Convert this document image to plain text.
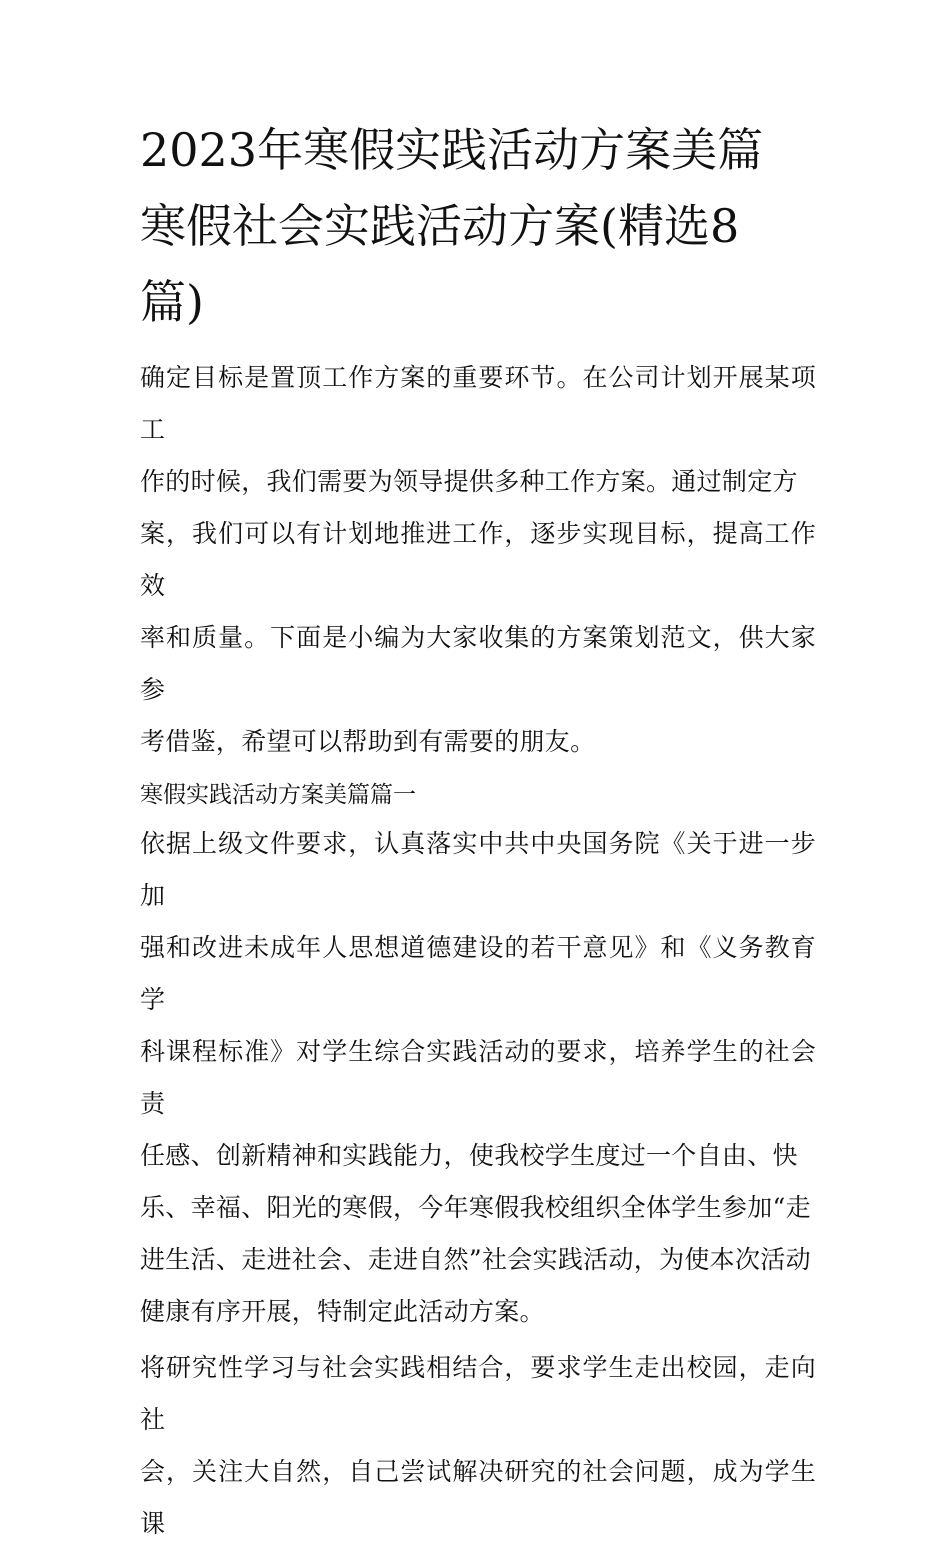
2023年寒假实践活动方案美篇
寒假社会实践活动方案(精选8
篇)

确定目标是置顶工作方案的重要环节。在公司计划开展某项工
作的时候，我们需要为领导提供多种工作方案。通过制定方
案，我们可以有计划地推进工作，逐步实现目标，提高工作效
率和质量。下面是小编为大家收集的方案策划范文，供大家参
考借鉴，希望可以帮助到有需要的朋友。

寒假实践活动方案美篇篇一

依据上级文件要求，认真落实中共中央国务院《关于进一步加
强和改进未成年人思想道德建设的若干意见》和《义务教育学
科课程标准》对学生综合实践活动的要求，培养学生的社会责
任感、创新精神和实践能力，使我校学生度过一个自由、快
乐、幸福、阳光的寒假，今年寒假我校组织全体学生参加“走
进生活、走进社会、走进自然”社会实践活动，为使本次活动
健康有序开展，特制定此活动方案。

将研究性学习与社会实践相结合，要求学生走出校园，走向社
会，关注大自然，自己尝试解决研究的社会问题，成为学生课
